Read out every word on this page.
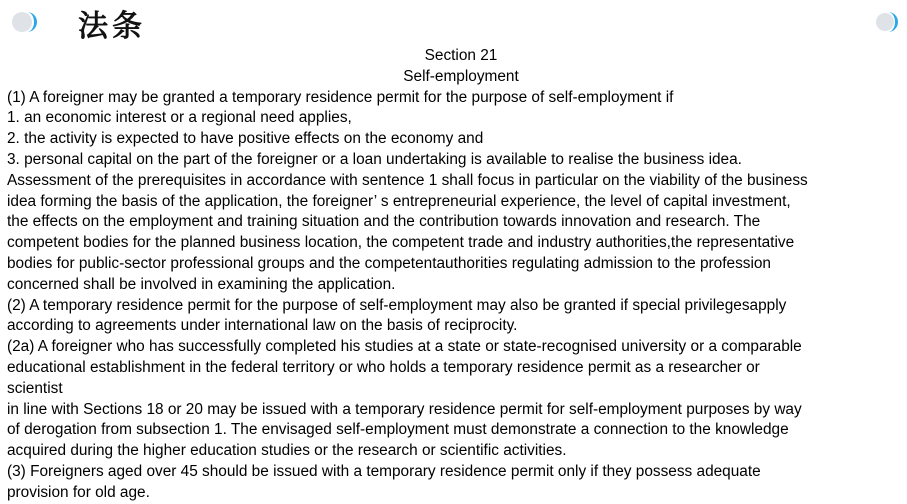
法条
Section 21
Self-employment
(1) A foreigner may be granted a temporary residence permit for the purpose of self-employment if
1. an economic interest or a regional need applies,
2. the activity is expected to have positive effects on the economy and
3. personal capital on the part of the foreigner or a loan undertaking is available to realise the business idea.
Assessment of the prerequisites in accordance with sentence 1 shall focus in particular on the viability of the business
idea forming the basis of the application, the foreigner’ s entrepreneurial experience, the level of capital investment,
the effects on the employment and training situation and the contribution towards innovation and research. The
competent bodies for the planned business location, the competent trade and industry authorities,the representative
bodies for public-sector professional groups and the competentauthorities regulating admission to the profession
concerned shall be involved in examining the application.
(2) A temporary residence permit for the purpose of self-employment may also be granted if special privilegesapply
according to agreements under international law on the basis of reciprocity.
(2a) A foreigner who has successfully completed his studies at a state or state-recognised university or a comparable
educational establishment in the federal territory or who holds a temporary residence permit as a researcher or
scientist
in line with Sections 18 or 20 may be issued with a temporary residence permit for self-employment purposes by way
of derogation from subsection 1. The envisaged self-employment must demonstrate a connection to the knowledge
acquired during the higher education studies or the research or scientific activities.
(3) Foreigners aged over 45 should be issued with a temporary residence permit only if they possess adequate
provision for old age.
